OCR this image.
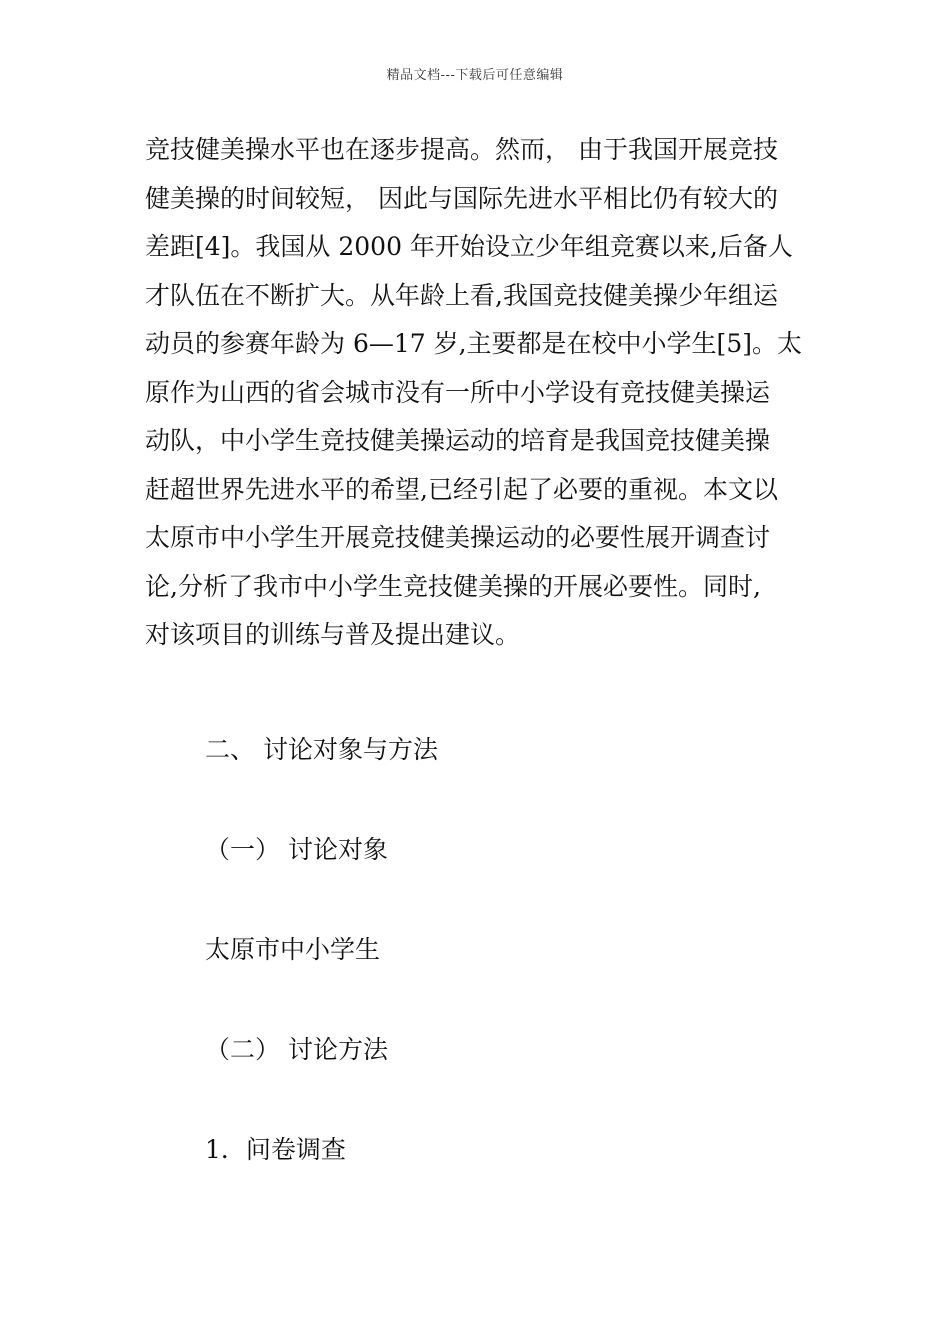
精品文档---下载后可任意编辑
竞技健美操水平也在逐步提高。然而， 由于我国开展竞技
健美操的时间较短， 因此与国际先进水平相比仍有较大的
差距[4]。我国从 2000 年开始设立少年组竞赛以来,后备人
才队伍在不断扩大。从年龄上看,我国竞技健美操少年组运
动员的参赛年龄为 6—17 岁,主要都是在校中小学生[5]。太
原作为山西的省会城市没有一所中小学设有竞技健美操运
动队，中小学生竞技健美操运动的培育是我国竞技健美操
赶超世界先进水平的希望,已经引起了必要的重视。本文以
太原市中小学生开展竞技健美操运动的必要性展开调查讨
论,分析了我市中小学生竞技健美操的开展必要性。同时,
对该项目的训练与普及提出建议。
二、 讨论对象与方法
（一） 讨论对象
太原市中小学生
（二） 讨论方法
1．问卷调查
